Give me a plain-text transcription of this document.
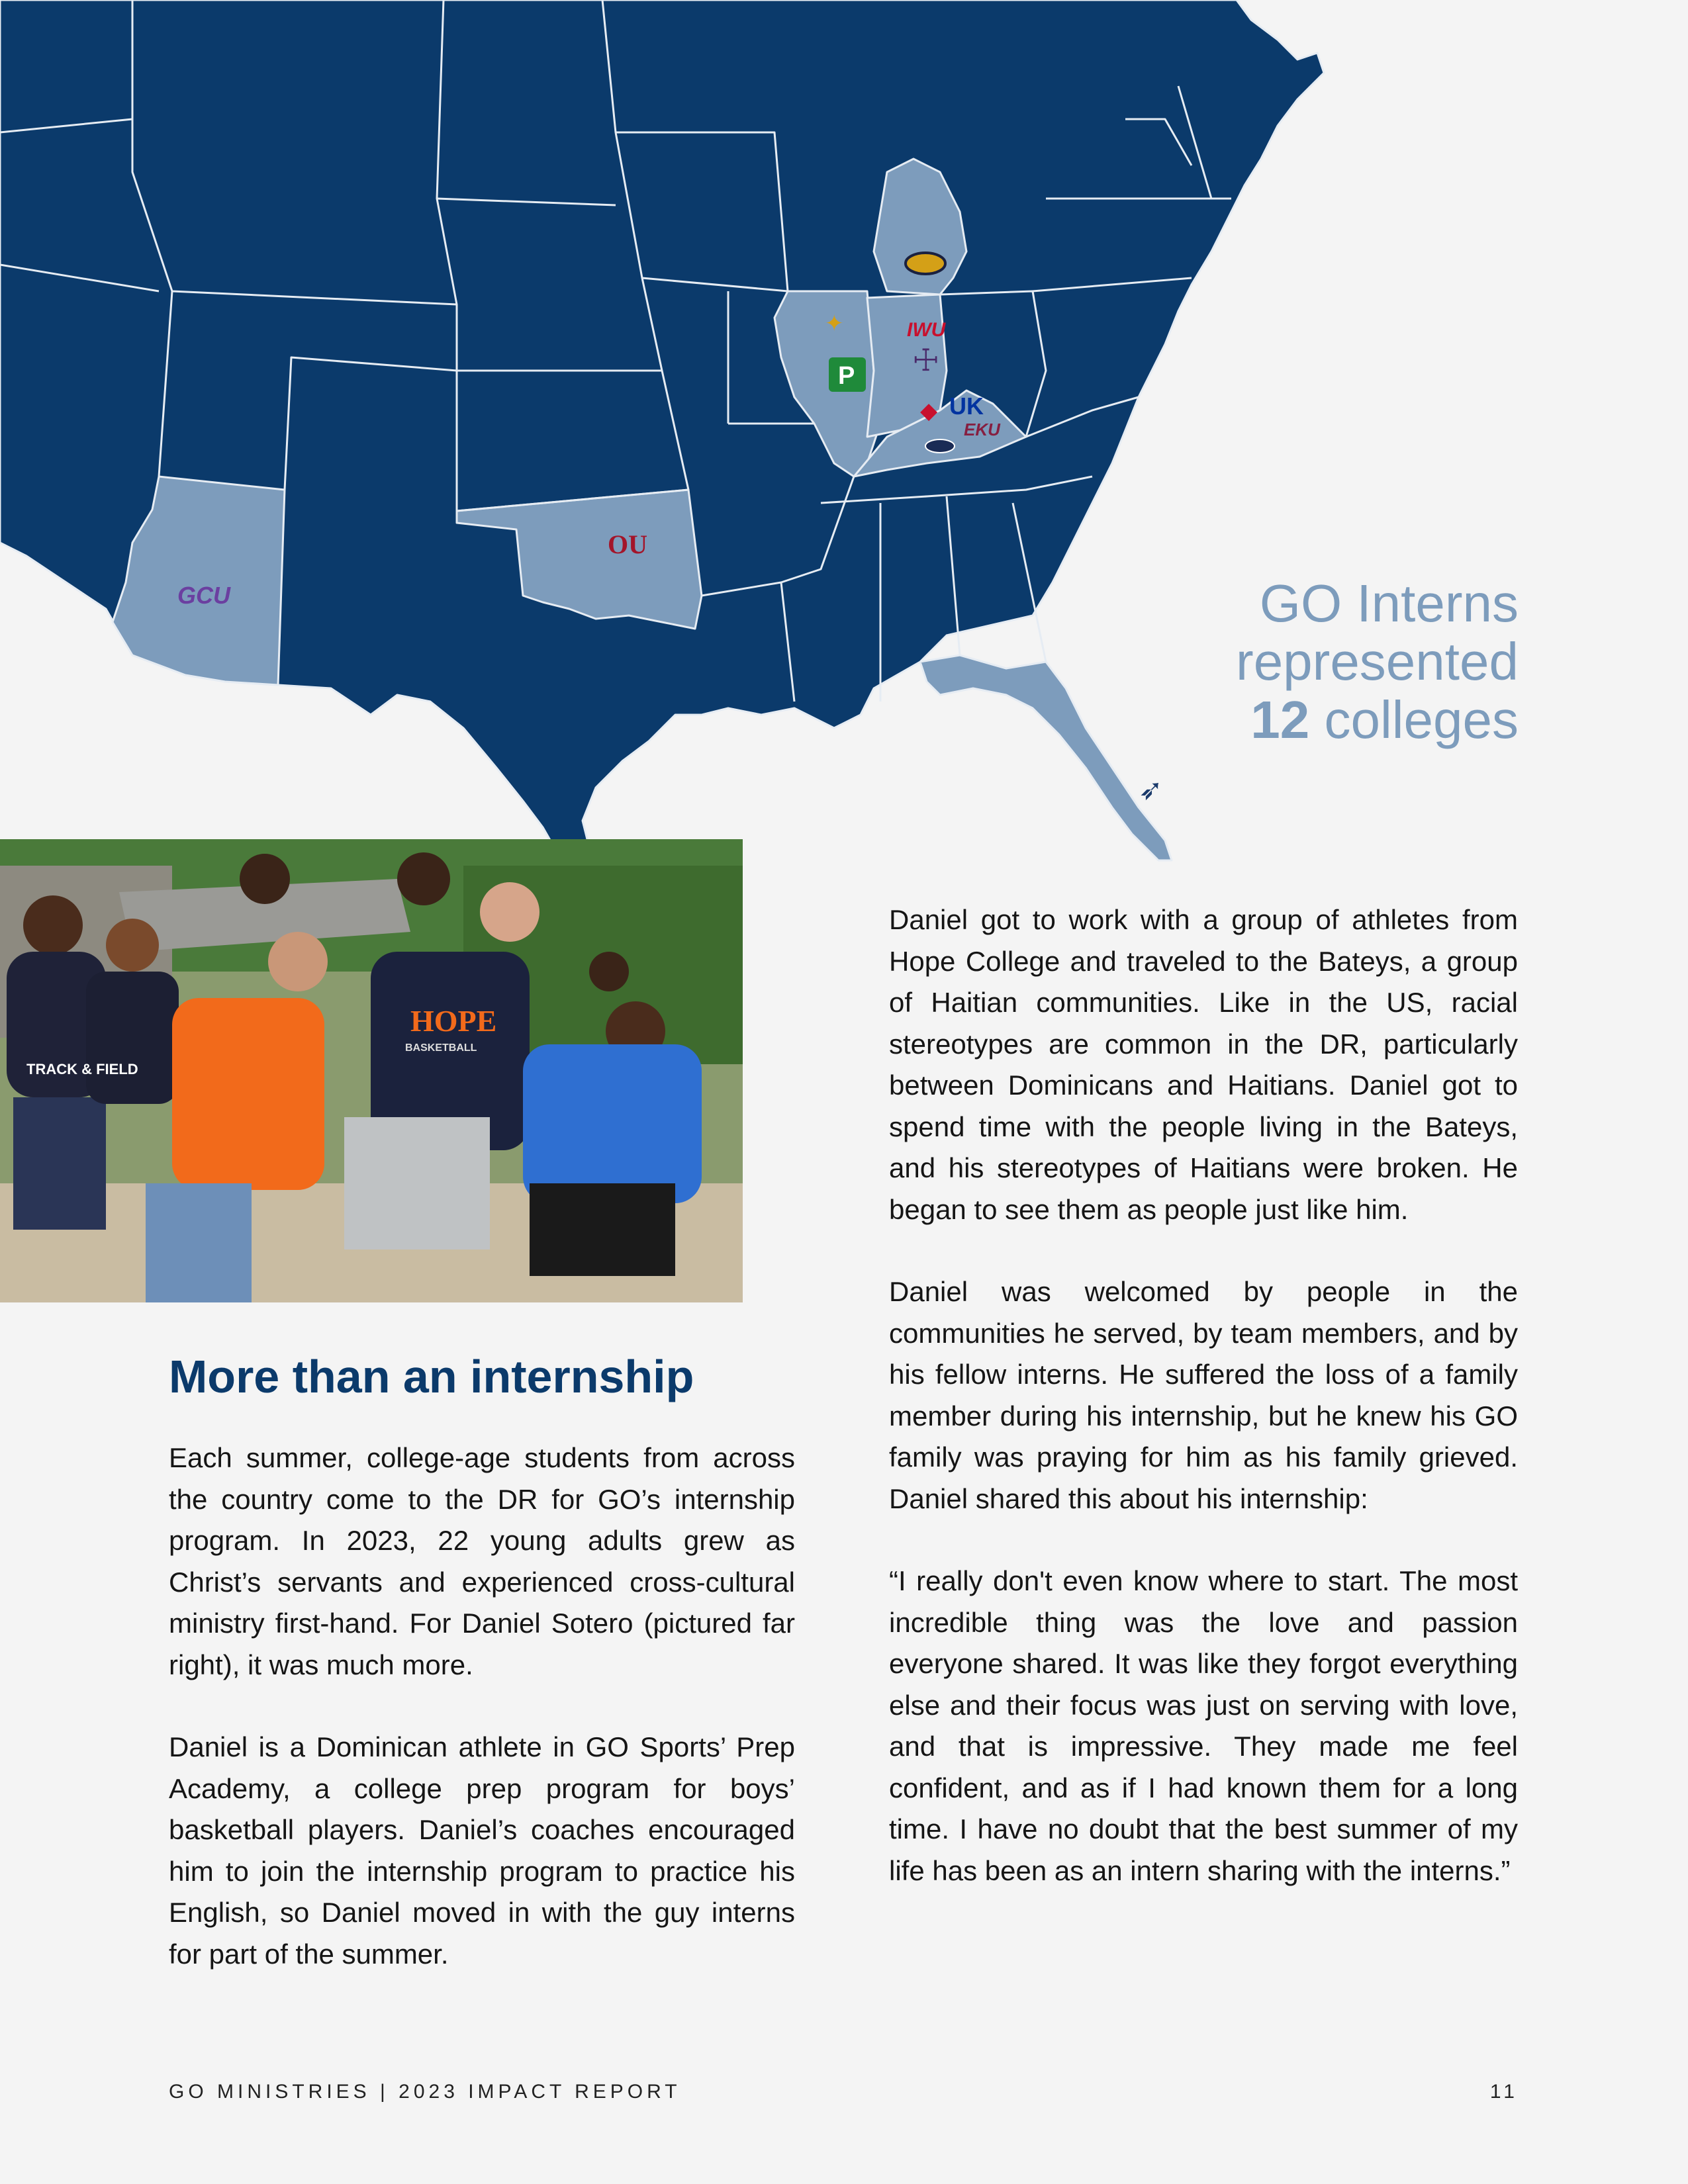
GCU
OU
P
IWU
☩
◆ UK
EKU
✦
➶
GO Interns
represented
12 colleges
TRACK & FIELD
HOPE
BASKETBALL
More than an internship

Each summer, college-age students from across the country come to the DR for GO’s internship program. In 2023, 22 young adults grew as Christ’s servants and experienced cross-cultural ministry first-hand. For Daniel Sotero (pictured far right), it was much more.

Daniel is a Dominican athlete in GO Sports’ Prep Academy, a college prep program for boys’ basketball players. Daniel’s coaches encouraged him to join the internship program to practice his English, so Daniel moved in with the guy interns for part of the summer.

Daniel got to work with a group of athletes from Hope College and traveled to the Bateys, a group of Haitian communities. Like in the US, racial stereotypes are common in the DR, particularly between Dominicans and Haitians. Daniel got to spend time with the people living in the Bateys, and his stereotypes of Haitians were broken. He began to see them as people just like him.

Daniel was welcomed by people in the communities he served, by team members, and by his fellow interns. He suffered the loss of a family member during his internship, but he knew his GO family was praying for him as his family grieved. Daniel shared this about his internship:

“I really don't even know where to start. The most incredible thing was the love and passion everyone shared. It was like they forgot everything else and their focus was just on serving with love, and that is impressive. They made me feel confident, and as if I had known them for a long time. I have no doubt that the best summer of my life has been as an intern sharing with the interns.”

GO MINISTRIES | 2023 IMPACT REPORT	11
